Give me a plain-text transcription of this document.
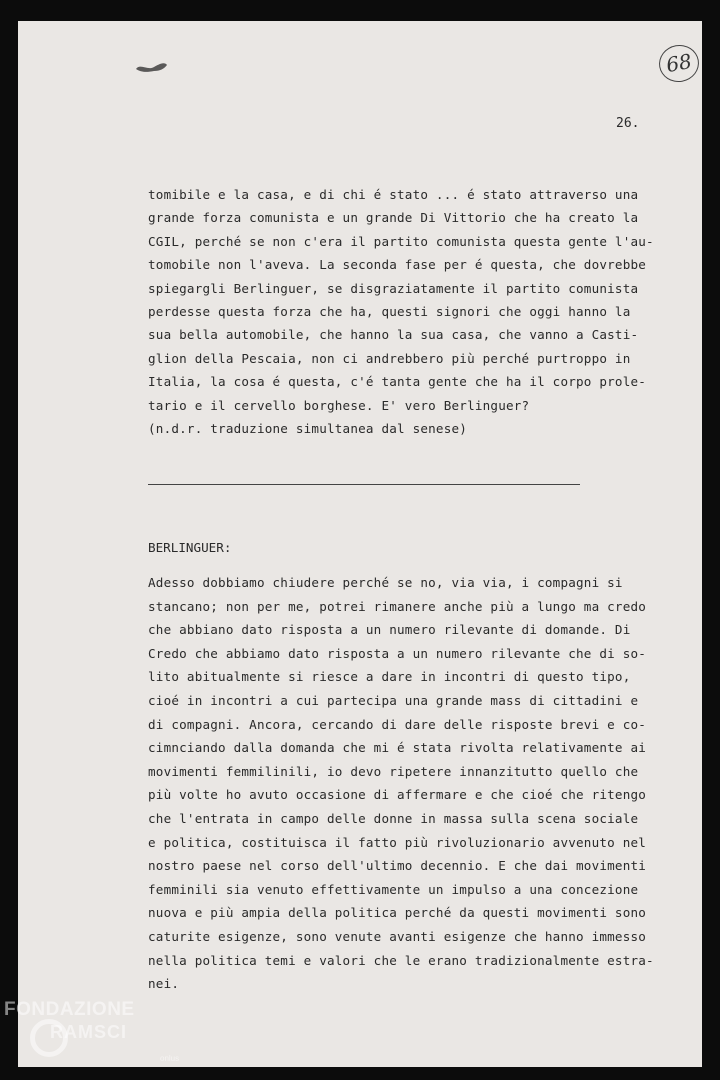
68
26.
tomibile e la casa, e di chi é stato ... é stato attraverso una
grande forza comunista e un grande Di Vittorio che ha creato la
CGIL, perché se non c'era il partito comunista questa gente l'au-
tomobile non l'aveva. La seconda fase per é questa, che dovrebbe
spiegargli Berlinguer, se disgraziatamente il partito comunista
perdesse questa forza che ha, questi signori che oggi hanno la
sua bella automobile, che hanno la sua casa, che vanno a Casti-
glion della Pescaia, non ci andrebbero più perché purtroppo in
Italia, la cosa é questa, c'é tanta gente che ha il corpo prole-
tario e il cervello borghese. E' vero Berlinguer?
(n.d.r. traduzione simultanea dal senese)
BERLINGUER:
Adesso dobbiamo chiudere perché se no, via via, i compagni si
stancano; non per me, potrei rimanere anche più a lungo ma credo
che abbiano dato risposta a un numero rilevante di domande. Di
Credo che abbiamo dato risposta a un numero rilevante che di so-
lito abitualmente si riesce a dare in incontri di questo tipo,
cioé in incontri a cui partecipa una grande mass di cittadini e
di compagni. Ancora, cercando di dare delle risposte brevi e co-
cimnciando dalla domanda che mi é stata rivolta relativamente ai
movimenti femmilinili, io devo ripetere innanzitutto quello che
più volte ho avuto occasione di affermare e che cioé che ritengo
che l'entrata in campo delle donne in massa sulla scena sociale
e politica, costituisca il fatto più rivoluzionario avvenuto nel
nostro paese nel corso dell'ultimo decennio. E che dai movimenti
femminili sia venuto effettivamente un impulso a una concezione
nuova e più ampia della politica perché da questi movimenti sono
caturite esigenze, sono venute avanti esigenze che hanno immesso
nella politica temi e valori che le erano tradizionalmente estra-
nei.
FONDAZIONE
RAMSCI
onlus
